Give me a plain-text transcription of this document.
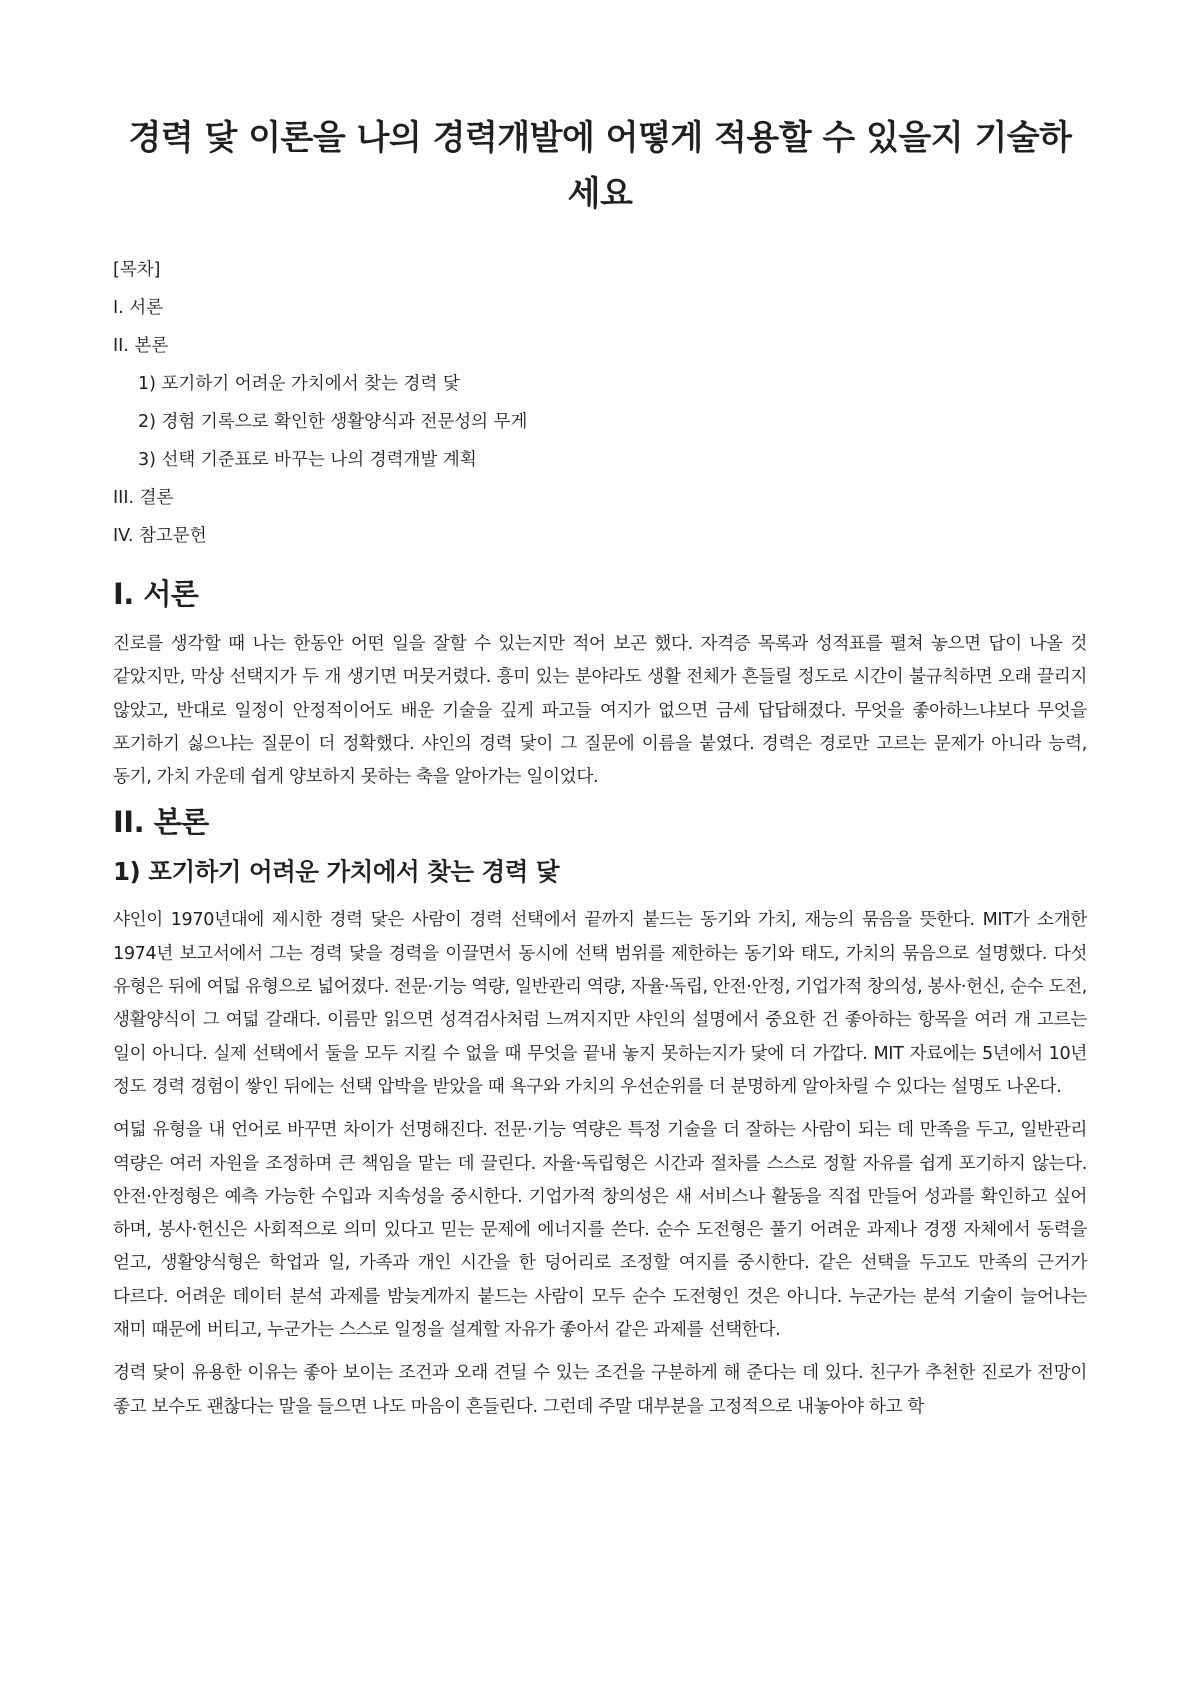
경력 닻 이론을 나의 경력개발에 어떻게 적용할 수 있을지 기술하세요
[목차]
I. 서론
II. 본론
1) 포기하기 어려운 가치에서 찾는 경력 닻
2) 경험 기록으로 확인한 생활양식과 전문성의 무게
3) 선택 기준표로 바꾸는 나의 경력개발 계획
III. 결론
IV. 참고문헌
I. 서론

진로를 생각할 때 나는 한동안 어떤 일을 잘할 수 있는지만 적어 보곤 했다. 자격증 목록과 성적표를 펼쳐 놓으면 답이 나올 것 같았지만, 막상 선택지가 두 개 생기면 머뭇거렸다. 흥미 있는 분야라도 생활 전체가 흔들릴 정도로 시간이 불규칙하면 오래 끌리지 않았고, 반대로 일정이 안정적이어도 배운 기술을 깊게 파고들 여지가 없으면 금세 답답해졌다. 무엇을 좋아하느냐보다 무엇을 포기하기 싫으냐는 질문이 더 정확했다. 샤인의 경력 닻이 그 질문에 이름을 붙였다. 경력은 경로만 고르는 문제가 아니라 능력, 동기, 가치 가운데 쉽게 양보하지 못하는 축을 알아가는 일이었다.

II. 본론
1) 포기하기 어려운 가치에서 찾는 경력 닻

샤인이 1970년대에 제시한 경력 닻은 사람이 경력 선택에서 끝까지 붙드는 동기와 가치, 재능의 묶음을 뜻한다. MIT가 소개한 1974년 보고서에서 그는 경력 닻을 경력을 이끌면서 동시에 선택 범위를 제한하는 동기와 태도, 가치의 묶음으로 설명했다. 다섯 유형은 뒤에 여덟 유형으로 넓어졌다. 전문·기능 역량, 일반관리 역량, 자율·독립, 안전·안정, 기업가적 창의성, 봉사·헌신, 순수 도전, 생활양식이 그 여덟 갈래다. 이름만 읽으면 성격검사처럼 느껴지지만 샤인의 설명에서 중요한 건 좋아하는 항목을 여러 개 고르는 일이 아니다. 실제 선택에서 둘을 모두 지킬 수 없을 때 무엇을 끝내 놓지 못하는지가 닻에 더 가깝다. MIT 자료에는 5년에서 10년 정도 경력 경험이 쌓인 뒤에는 선택 압박을 받았을 때 욕구와 가치의 우선순위를 더 분명하게 알아차릴 수 있다는 설명도 나온다.

여덟 유형을 내 언어로 바꾸면 차이가 선명해진다. 전문·기능 역량은 특정 기술을 더 잘하는 사람이 되는 데 만족을 두고, 일반관리 역량은 여러 자원을 조정하며 큰 책임을 맡는 데 끌린다. 자율·독립형은 시간과 절차를 스스로 정할 자유를 쉽게 포기하지 않는다. 안전·안정형은 예측 가능한 수입과 지속성을 중시한다. 기업가적 창의성은 새 서비스나 활동을 직접 만들어 성과를 확인하고 싶어 하며, 봉사·헌신은 사회적으로 의미 있다고 믿는 문제에 에너지를 쓴다. 순수 도전형은 풀기 어려운 과제나 경쟁 자체에서 동력을 얻고, 생활양식형은 학업과 일, 가족과 개인 시간을 한 덩어리로 조정할 여지를 중시한다. 같은 선택을 두고도 만족의 근거가 다르다. 어려운 데이터 분석 과제를 밤늦게까지 붙드는 사람이 모두 순수 도전형인 것은 아니다. 누군가는 분석 기술이 늘어나는 재미 때문에 버티고, 누군가는 스스로 일정을 설계할 자유가 좋아서 같은 과제를 선택한다.

경력 닻이 유용한 이유는 좋아 보이는 조건과 오래 견딜 수 있는 조건을 구분하게 해 준다는 데 있다. 친구가 추천한 진로가 전망이 좋고 보수도 괜찮다는 말을 들으면 나도 마음이 흔들린다. 그런데 주말 대부분을 고정적으로 내놓아야 하고 학
